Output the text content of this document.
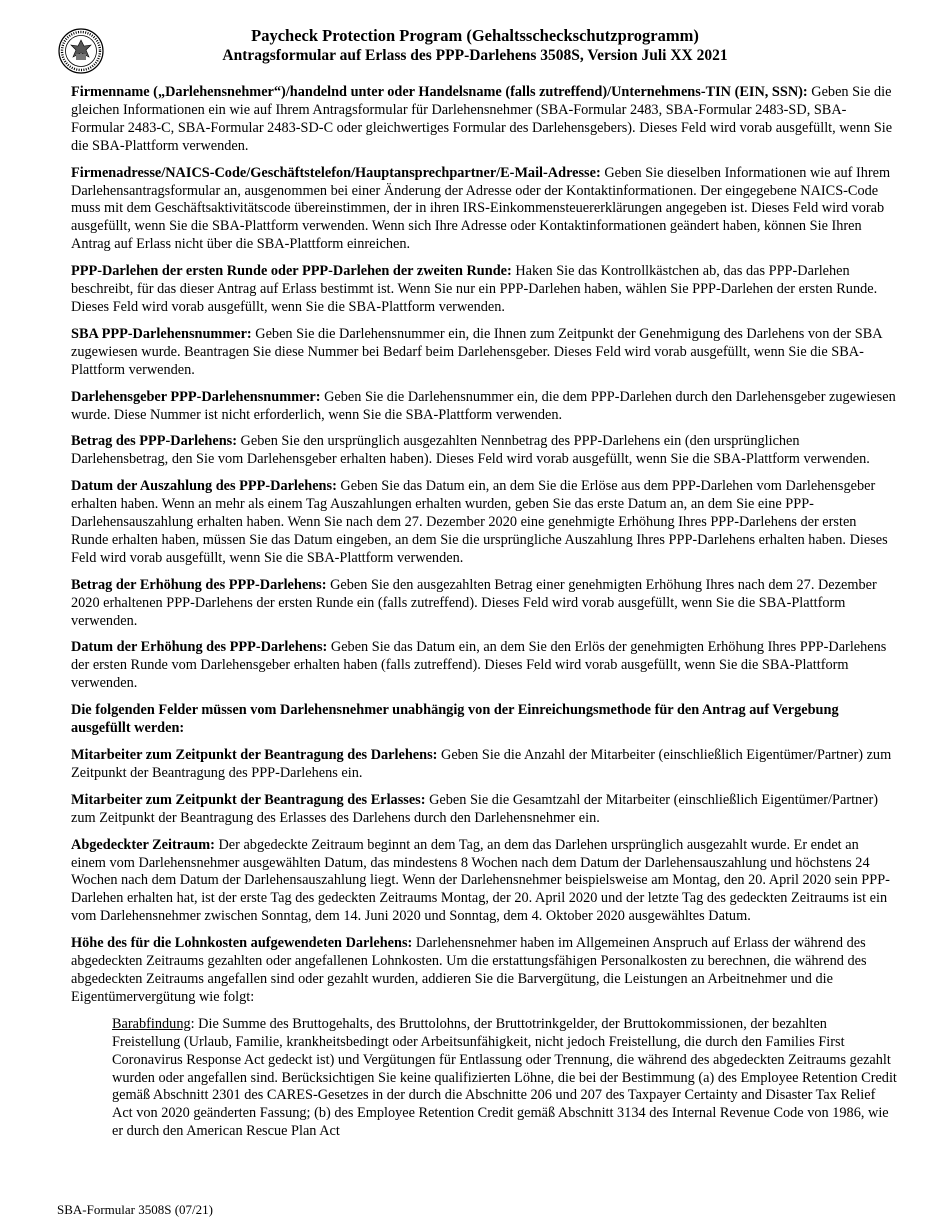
Paycheck Protection Program (Gehaltsscheckschutzprogramm)

Antragsformular auf Erlass des PPP-Darlehens 3508S, Version Juli XX 2021

Firmenname („Darlehensnehmer“)/handelnd unter oder Handelsname (falls zutreffend)/Unternehmens-TIN (EIN, SSN): Geben Sie die gleichen Informationen ein wie auf Ihrem Antragsformular für Darlehensnehmer (SBA-Formular 2483, SBA-Formular 2483-SD, SBA-Formular 2483-C, SBA-Formular 2483-SD-C oder gleichwertiges Formular des Darlehensgebers). Dieses Feld wird vorab ausgefüllt, wenn Sie die SBA-Plattform verwenden.

Firmenadresse/NAICS-Code/Geschäftstelefon/Hauptansprechpartner/E-Mail-Adresse: Geben Sie dieselben Informationen wie auf Ihrem Darlehensantragsformular an, ausgenommen bei einer Änderung der Adresse oder der Kontaktinformationen. Der eingegebene NAICS-Code muss mit dem Geschäftsaktivitätscode übereinstimmen, der in ihren IRS-Einkommensteuererklärungen angegeben ist. Dieses Feld wird vorab ausgefüllt, wenn Sie die SBA-Plattform verwenden. Wenn sich Ihre Adresse oder Kontaktinformationen geändert haben, können Sie Ihren Antrag auf Erlass nicht über die SBA-Plattform einreichen.

PPP-Darlehen der ersten Runde oder PPP-Darlehen der zweiten Runde: Haken Sie das Kontrollkästchen ab, das das PPP-Darlehen beschreibt, für das dieser Antrag auf Erlass bestimmt ist. Wenn Sie nur ein PPP-Darlehen haben, wählen Sie PPP-Darlehen der ersten Runde. Dieses Feld wird vorab ausgefüllt, wenn Sie die SBA-Plattform verwenden.

SBA PPP-Darlehensnummer: Geben Sie die Darlehensnummer ein, die Ihnen zum Zeitpunkt der Genehmigung des Darlehens von der SBA zugewiesen wurde. Beantragen Sie diese Nummer bei Bedarf beim Darlehensgeber. Dieses Feld wird vorab ausgefüllt, wenn Sie die SBA-Plattform verwenden.

Darlehensgeber PPP-Darlehensnummer: Geben Sie die Darlehensnummer ein, die dem PPP-Darlehen durch den Darlehensgeber zugewiesen wurde. Diese Nummer ist nicht erforderlich, wenn Sie die SBA-Plattform verwenden.

Betrag des PPP-Darlehens: Geben Sie den ursprünglich ausgezahlten Nennbetrag des PPP-Darlehens ein (den ursprünglichen Darlehensbetrag, den Sie vom Darlehensgeber erhalten haben). Dieses Feld wird vorab ausgefüllt, wenn Sie die SBA-Plattform verwenden.

Datum der Auszahlung des PPP-Darlehens: Geben Sie das Datum ein, an dem Sie die Erlöse aus dem PPP-Darlehen vom Darlehensgeber erhalten haben. Wenn an mehr als einem Tag Auszahlungen erhalten wurden, geben Sie das erste Datum an, an dem Sie eine PPP-Darlehensauszahlung erhalten haben. Wenn Sie nach dem 27. Dezember 2020 eine genehmigte Erhöhung Ihres PPP-Darlehens der ersten Runde erhalten haben, müssen Sie das Datum eingeben, an dem Sie die ursprüngliche Auszahlung Ihres PPP-Darlehens erhalten haben. Dieses Feld wird vorab ausgefüllt, wenn Sie die SBA-Plattform verwenden.

Betrag der Erhöhung des PPP-Darlehens: Geben Sie den ausgezahlten Betrag einer genehmigten Erhöhung Ihres nach dem 27. Dezember 2020 erhaltenen PPP-Darlehens der ersten Runde ein (falls zutreffend). Dieses Feld wird vorab ausgefüllt, wenn Sie die SBA-Plattform verwenden.

Datum der Erhöhung des PPP-Darlehens: Geben Sie das Datum ein, an dem Sie den Erlös der genehmigten Erhöhung Ihres PPP-Darlehens der ersten Runde vom Darlehensgeber erhalten haben (falls zutreffend). Dieses Feld wird vorab ausgefüllt, wenn Sie die SBA-Plattform verwenden.

Die folgenden Felder müssen vom Darlehensnehmer unabhängig von der Einreichungsmethode für den Antrag auf Vergebung ausgefüllt werden:

Mitarbeiter zum Zeitpunkt der Beantragung des Darlehens: Geben Sie die Anzahl der Mitarbeiter (einschließlich Eigentümer/Partner) zum Zeitpunkt der Beantragung des PPP-Darlehens ein.

Mitarbeiter zum Zeitpunkt der Beantragung des Erlasses: Geben Sie die Gesamtzahl der Mitarbeiter (einschließlich Eigentümer/Partner) zum Zeitpunkt der Beantragung des Erlasses des Darlehens durch den Darlehensnehmer ein.

Abgedeckter Zeitraum: Der abgedeckte Zeitraum beginnt an dem Tag, an dem das Darlehen ursprünglich ausgezahlt wurde. Er endet an einem vom Darlehensnehmer ausgewählten Datum, das mindestens 8 Wochen nach dem Datum der Darlehensauszahlung und höchstens 24 Wochen nach dem Datum der Darlehensauszahlung liegt. Wenn der Darlehensnehmer beispielsweise am Montag, den 20. April 2020 sein PPP-Darlehen erhalten hat, ist der erste Tag des gedeckten Zeitraums Montag, der 20. April 2020 und der letzte Tag des gedeckten Zeitraums ist ein vom Darlehensnehmer zwischen Sonntag, dem 14. Juni 2020 und Sonntag, dem 4. Oktober 2020 ausgewähltes Datum.

Höhe des für die Lohnkosten aufgewendeten Darlehens: Darlehensnehmer haben im Allgemeinen Anspruch auf Erlass der während des abgedeckten Zeitraums gezahlten oder angefallenen Lohnkosten. Um die erstattungsfähigen Personalkosten zu berechnen, die während des abgedeckten Zeitraums angefallen sind oder gezahlt wurden, addieren Sie die Barvergütung, die Leistungen an Arbeitnehmer und die Eigentümervergütung wie folgt:

Barabfindung: Die Summe des Bruttogehalts, des Bruttolohns, der Bruttotrinkgelder, der Bruttokommissionen, der bezahlten Freistellung (Urlaub, Familie, krankheitsbedingt oder Arbeitsunfähigkeit, nicht jedoch Freistellung, die durch den Families First Coronavirus Response Act gedeckt ist) und Vergütungen für Entlassung oder Trennung, die während des abgedeckten Zeitraums gezahlt wurden oder angefallen sind. Berücksichtigen Sie keine qualifizierten Löhne, die bei der Bestimmung (a) des Employee Retention Credit gemäß Abschnitt 2301 des CARES-Gesetzes in der durch die Abschnitte 206 und 207 des Taxpayer Certainty and Disaster Tax Relief Act von 2020 geänderten Fassung; (b) des Employee Retention Credit gemäß Abschnitt 3134 des Internal Revenue Code von 1986, wie er durch den American Rescue Plan Act

SBA-Formular 3508S (07/21)
